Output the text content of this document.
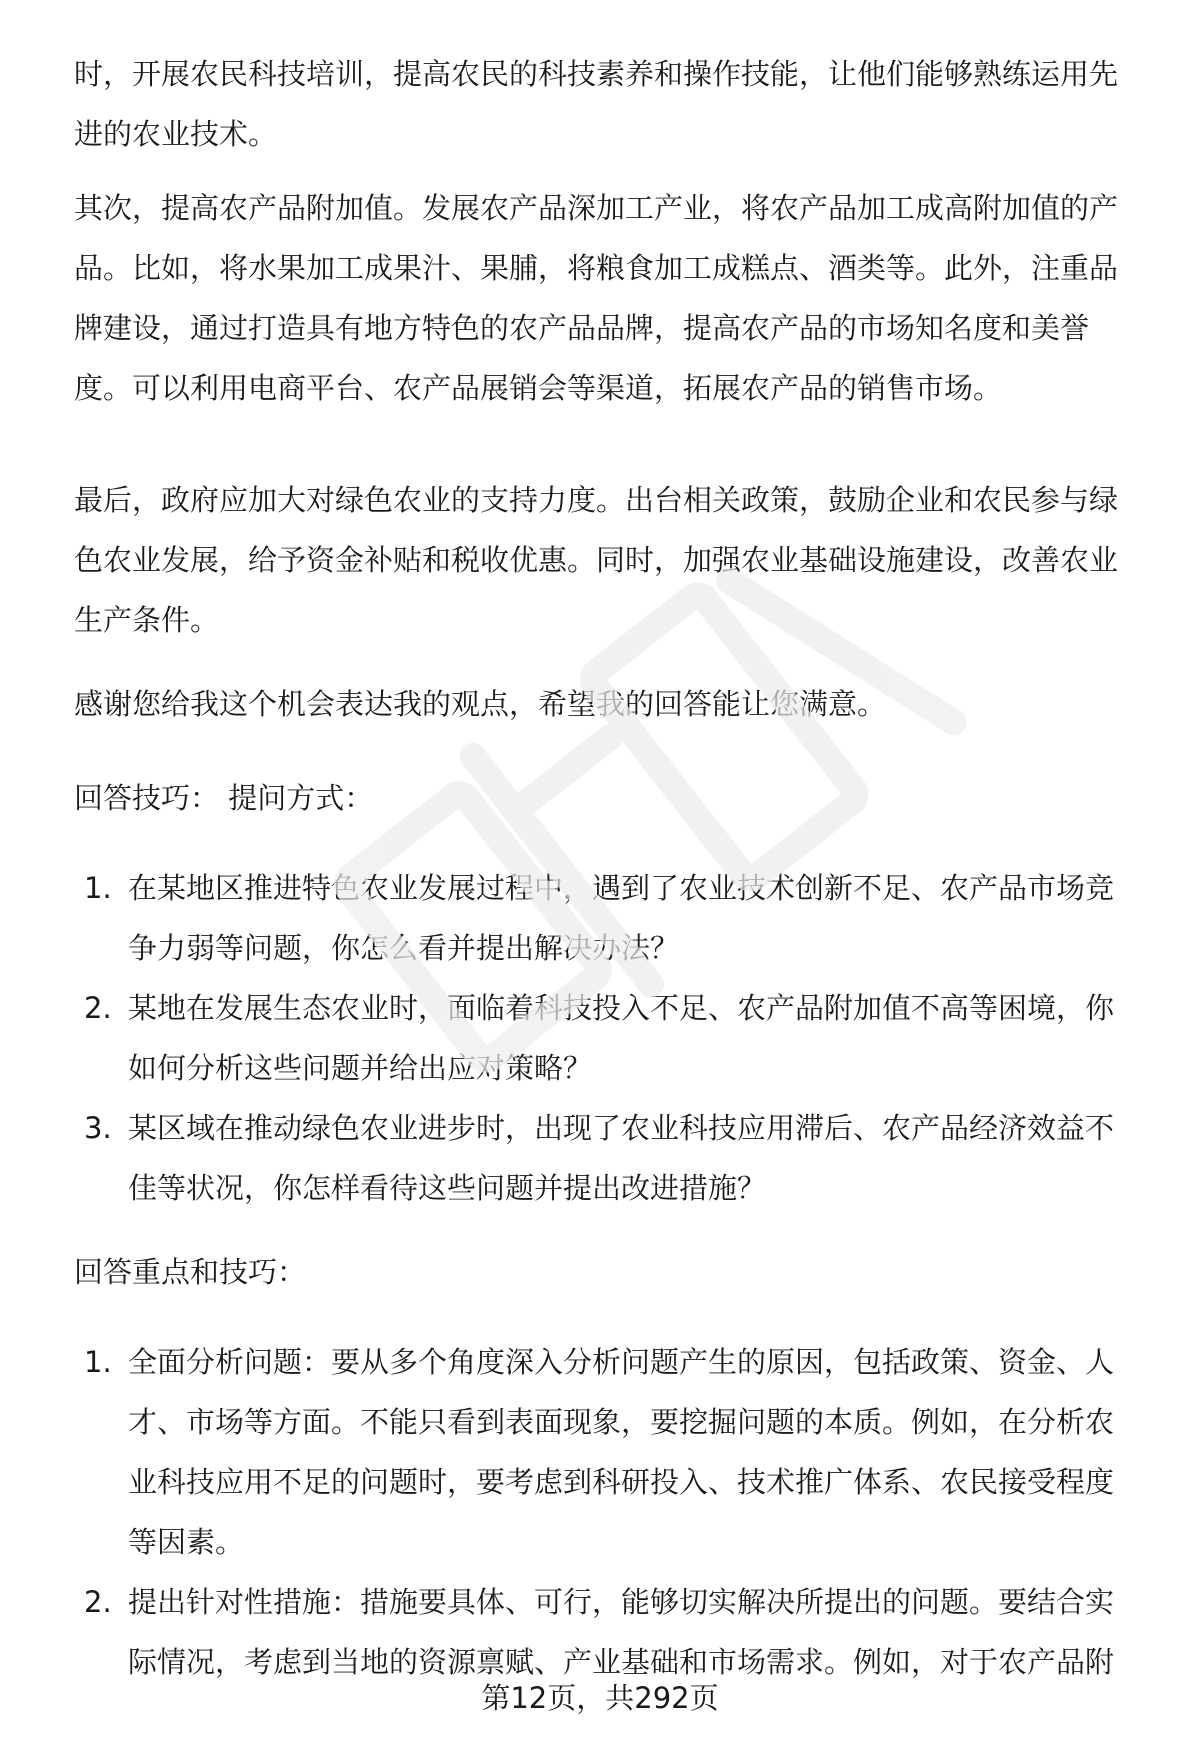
时，开展农民科技培训，提高农民的科技素养和操作技能，让他们能够熟练运用先
进的农业技术。

其次，提高农产品附加值。发展农产品深加工产业，将农产品加工成高附加值的产
品。比如，将水果加工成果汁、果脯，将粮食加工成糕点、酒类等。此外，注重品
牌建设，通过打造具有地方特色的农产品品牌，提高农产品的市场知名度和美誉
度。可以利用电商平台、农产品展销会等渠道，拓展农产品的销售市场。

最后，政府应加大对绿色农业的支持力度。出台相关政策，鼓励企业和农民参与绿
色农业发展，给予资金补贴和税收优惠。同时，加强农业基础设施建设，改善农业
生产条件。

感谢您给我这个机会表达我的观点，希望我的回答能让您满意。

回答技巧： 提问方式：

1. 在某地区推进特色农业发展过程中，遇到了农业技术创新不足、农产品市场竞
争力弱等问题，你怎么看并提出解决办法？
2. 某地在发展生态农业时，面临着科技投入不足、农产品附加值不高等困境，你
如何分析这些问题并给出应对策略？
3. 某区域在推动绿色农业进步时，出现了农业科技应用滞后、农产品经济效益不
佳等状况，你怎样看待这些问题并提出改进措施？

回答重点和技巧：

1. 全面分析问题：要从多个角度深入分析问题产生的原因，包括政策、资金、人
才、市场等方面。不能只看到表面现象，要挖掘问题的本质。例如，在分析农
业科技应用不足的问题时，要考虑到科研投入、技术推广体系、农民接受程度
等因素。
2. 提出针对性措施：措施要具体、可行，能够切实解决所提出的问题。要结合实
际情况，考虑到当地的资源禀赋、产业基础和市场需求。例如，对于农产品附
第12页，共292页
